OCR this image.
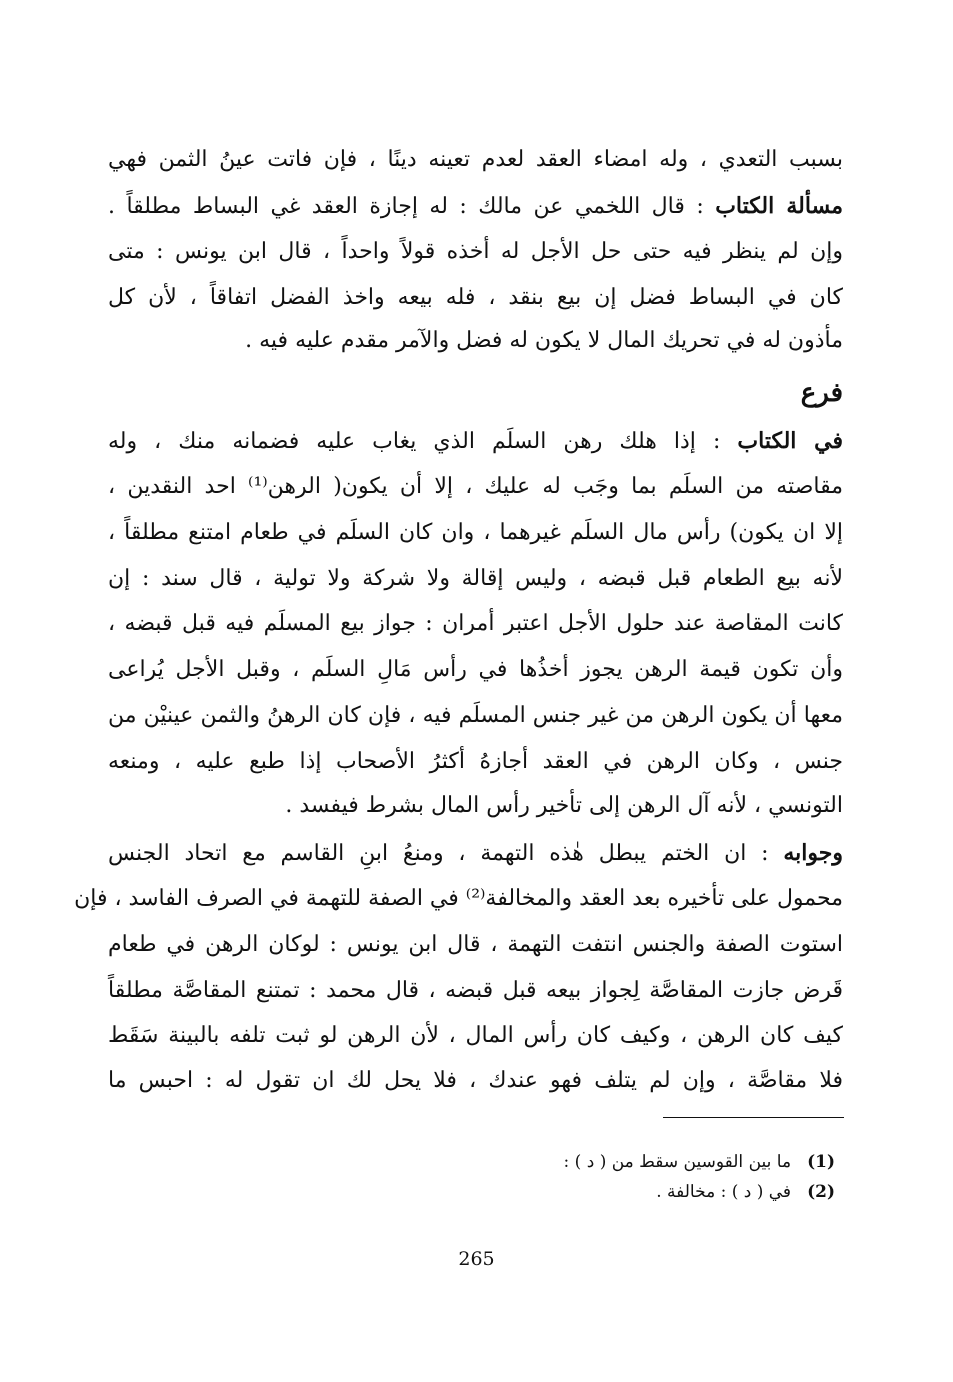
بسبب التعدي ، وله امضاء العقد لعدم تعينه دينًا ، فإن فاتت عينُ الثمن فهي
مسألة الكتاب : قال اللخمي عن مالك : له إجازة العقد غي البساط مطلقاً .
وإن لم ينظر فيه حتى حل الأجل له أخذه قولاً واحداً ، قال ابن يونس : متى
كان في البساط فضل إن بيع بنقد ، فله بيعه واخذ الفضل اتفاقاً ، لأن كل
مأذون له في تحريك المال لا يكون له فضل والآمر مقدم عليه فيه .
فرع
في الكتاب : إذا هلك رهن السلَم الذي يغاب عليه فضمانه منك ، وله
مقاصته من السلَم بما وجَب له عليك ، إلا أن يكون( الرهن⁽¹⁾ احد النقدين ،
إلا ان يكون) رأس مال السلَم غيرهما ، وان كان السلَم في طعام امتنع مطلقاً ،
لأنه بيع الطعام قبل قبضه ، وليس إقالة ولا شركة ولا تولية ، قال سند : إن
كانت المقاصة عند حلول الأجل اعتبر أمران : جواز بيع المسلَم فيه قبل قبضه ،
وأن تكون قيمة الرهن يجوز أخذُها في رأس مَالِ السلَم ، وقبل الأجل يُراعى
معها أن يكون الرهن من غير جنس المسلَم فيه ، فإن كان الرهنُ والثمن عينيْن من
جنس ، وكان الرهن في العقد أجازهُ أكثرُ الأصحاب إذا طبع عليه ، ومنعه
التونسي ، لأنه آل الرهن إلى تأخير رأس المال بشرط فيفسد .
وجوابه : ان الختم يبطل هٰذه التهمة ، ومنعُ ابنِ القاسم مع اتحاد الجنس
محمول على تأخيره بعد العقد والمخالفة⁽²⁾ في الصفة للتهمة في الصرف الفاسد ، فإن
استوت الصفة والجنس انتفت التهمة ، قال ابن يونس : لوكان الرهن في طعام
قَرض جازت المقاصَّة لِجواز بيعه قبل قبضه ، قال محمد : تمتنع المقاصَّة مطلقاً
كيف كان الرهن ، وكيف كان رأس المال ، لأن الرهن لو ثبت تلفه بالبينة سَقَط
فلا مقاصَّة ، وإن لم يتلف فهو عندك ، فلا يحل لك ان تقول له : احبس ما
(1)ما بين القوسين سقط من ( د ) :
(2)في ( د ) : مخالفة .
265
